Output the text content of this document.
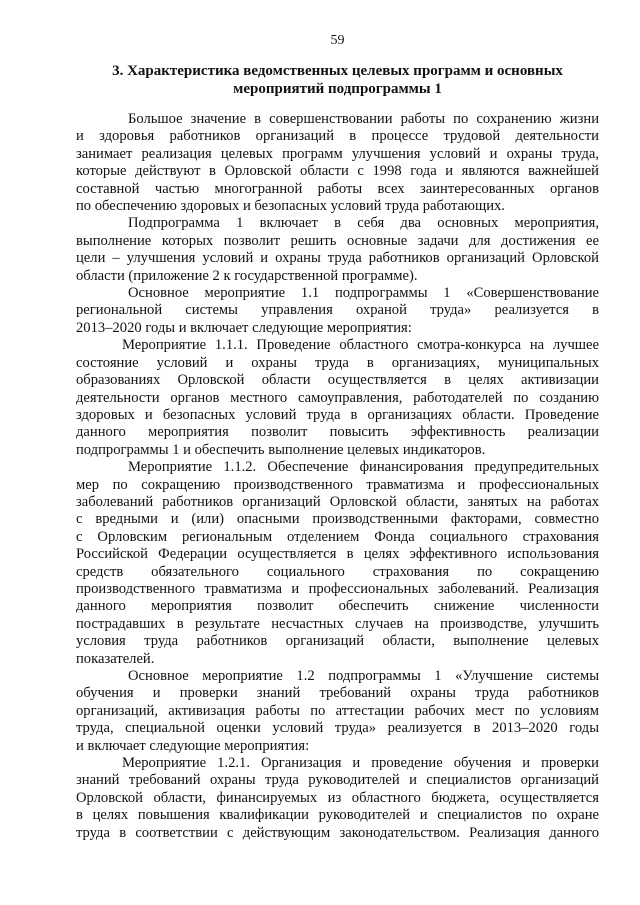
59
3. Характеристика ведомственных целевых программ и основных
мероприятий подпрограммы 1

Большое значение в совершенствовании работы по сохранению жизни
и здоровья работников организаций в процессе трудовой деятельности
занимает реализация целевых программ улучшения условий и охраны труда,
которые действуют в Орловской области с 1998 года и являются важнейшей
составной частью многогранной работы всех заинтересованных органов
по обеспечению здоровых и безопасных условий труда работающих.

Подпрограмма 1 включает в себя два основных мероприятия,
выполнение которых позволит решить основные задачи для достижения ее
цели – улучшения условий и охраны труда работников организаций Орловской
области (приложение 2 к государственной программе).

Основное мероприятие 1.1 подпрограммы 1 «Совершенствование
региональной системы управления охраной труда» реализуется в
2013–2020 годы и включает следующие мероприятия:

Мероприятие 1.1.1. Проведение областного смотра-конкурса на лучшее
состояние условий и охраны труда в организациях, муниципальных
образованиях Орловской области осуществляется в целях активизации
деятельности органов местного самоуправления, работодателей по созданию
здоровых и безопасных условий труда в организациях области. Проведение
данного мероприятия позволит повысить эффективность реализации
подпрограммы 1 и обеспечить выполнение целевых индикаторов.

Мероприятие 1.1.2. Обеспечение финансирования предупредительных
мер по сокращению производственного травматизма и профессиональных
заболеваний работников организаций Орловской области, занятых на работах
с вредными и (или) опасными производственными факторами, совместно
с Орловским региональным отделением Фонда социального страхования
Российской Федерации осуществляется в целях эффективного использования
средств обязательного социального страхования по сокращению
производственного травматизма и профессиональных заболеваний. Реализация
данного мероприятия позволит обеспечить снижение численности
пострадавших в результате несчастных случаев на производстве, улучшить
условия труда работников организаций области, выполнение целевых
показателей.

Основное мероприятие 1.2 подпрограммы 1 «Улучшение системы
обучения и проверки знаний требований охраны труда работников
организаций, активизация работы по аттестации рабочих мест по условиям
труда, специальной оценки условий труда» реализуется в 2013–2020 годы
и включает следующие мероприятия:

Мероприятие 1.2.1. Организация и проведение обучения и проверки
знаний требований охраны труда руководителей и специалистов организаций
Орловской области, финансируемых из областного бюджета, осуществляется
в целях повышения квалификации руководителей и специалистов по охране
труда в соответствии с действующим законодательством. Реализация данного
